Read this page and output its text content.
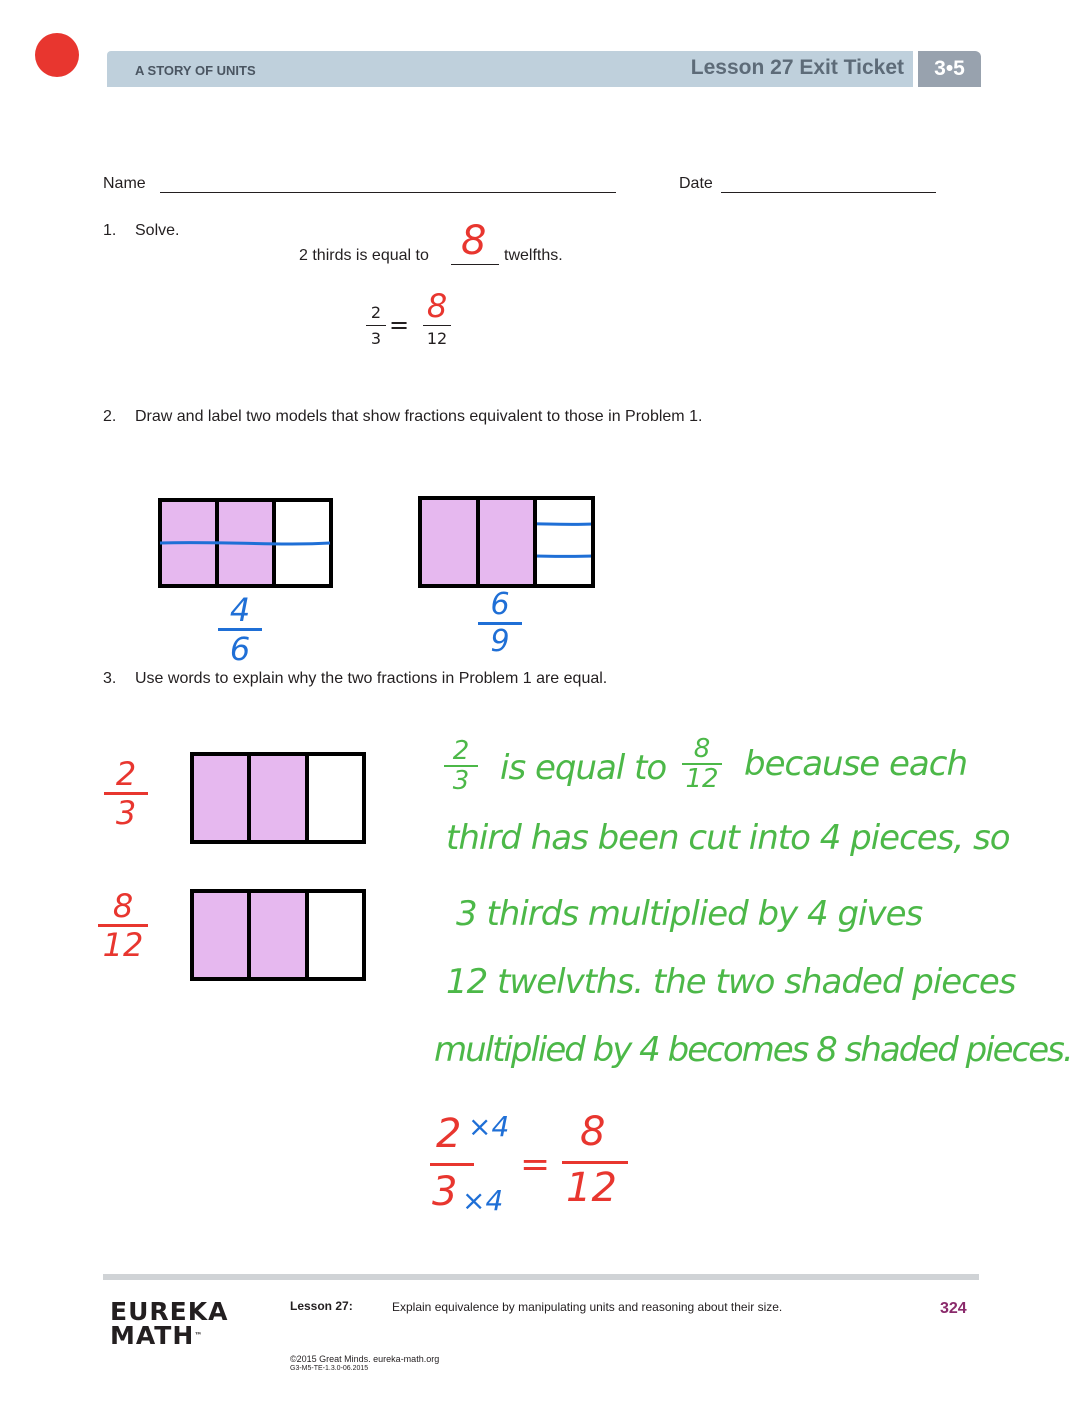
A STORY OF UNITS	Lesson 27 Exit Ticket 3•5
Name	Date
1. Solve.
2 thirds is equal to 8 twelfths.
2
3 = 8
12
2. Draw and label two models that show fractions equivalent to those in Problem 1.
4
6
6
9
3. Use words to explain why the two fractions in Problem 1 are equal.
2
3
8
12
2
3 is equal to	8
12 because each
third has been cut into 4 pieces, so
3 thirds multiplied by 4 gives
12 twelvths. the two shaded pieces
multiplied by 4 becomes 8 shaded pieces.
2 ×4
3 ×4
=
8
12
EUREKA
MATH™
Lesson 27:	Explain equivalence by manipulating units and reasoning about their size.	324
©2015 Great Minds. eureka-math.org
G3-M5-TE-1.3.0-06.2015
